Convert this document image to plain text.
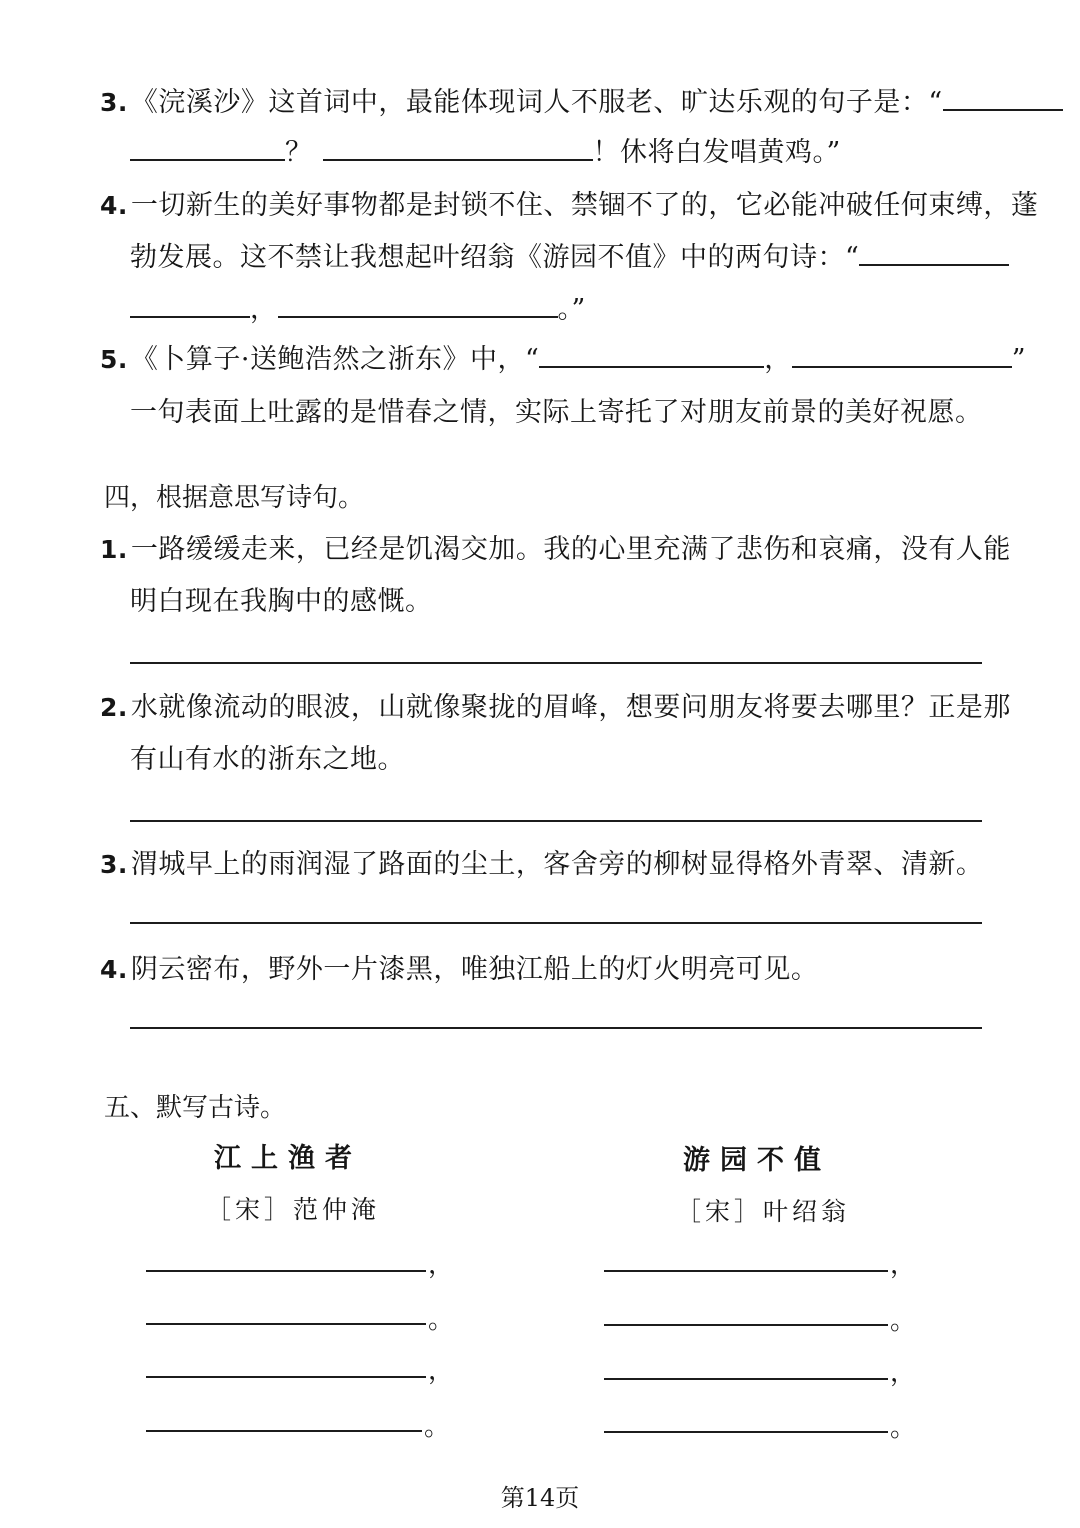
3. 《浣溪沙》这首词中，最能体现词人不服老、旷达乐观的句子是：“
？	！休将白发唱黄鸡。”
4. 一切新生的美好事物都是封锁不住、禁锢不了的，它必能冲破任何束缚，蓬
勃发展。这不禁让我想起叶绍翁《游园不值》中的两句诗：“
，	。”
5. 《卜算子·送鲍浩然之浙东》中，“	，	”
一句表面上吐露的是惜春之情，实际上寄托了对朋友前景的美好祝愿。
四，根据意思写诗句。
1. 一路缓缓走来，已经是饥渴交加。我的心里充满了悲伤和哀痛，没有人能
明白现在我胸中的感慨。
2. 水就像流动的眼波，山就像聚拢的眉峰，想要问朋友将要去哪里？正是那
有山有水的浙东之地。
3. 渭城早上的雨润湿了路面的尘土，客舍旁的柳树显得格外青翠、清新。
4. 阴云密布，野外一片漆黑，唯独江船上的灯火明亮可见。
五、默写古诗。
江上渔者
［宋］范仲淹
，
。
，
。
游园不值
［宋］叶绍翁
，
。
，
。
第14页
